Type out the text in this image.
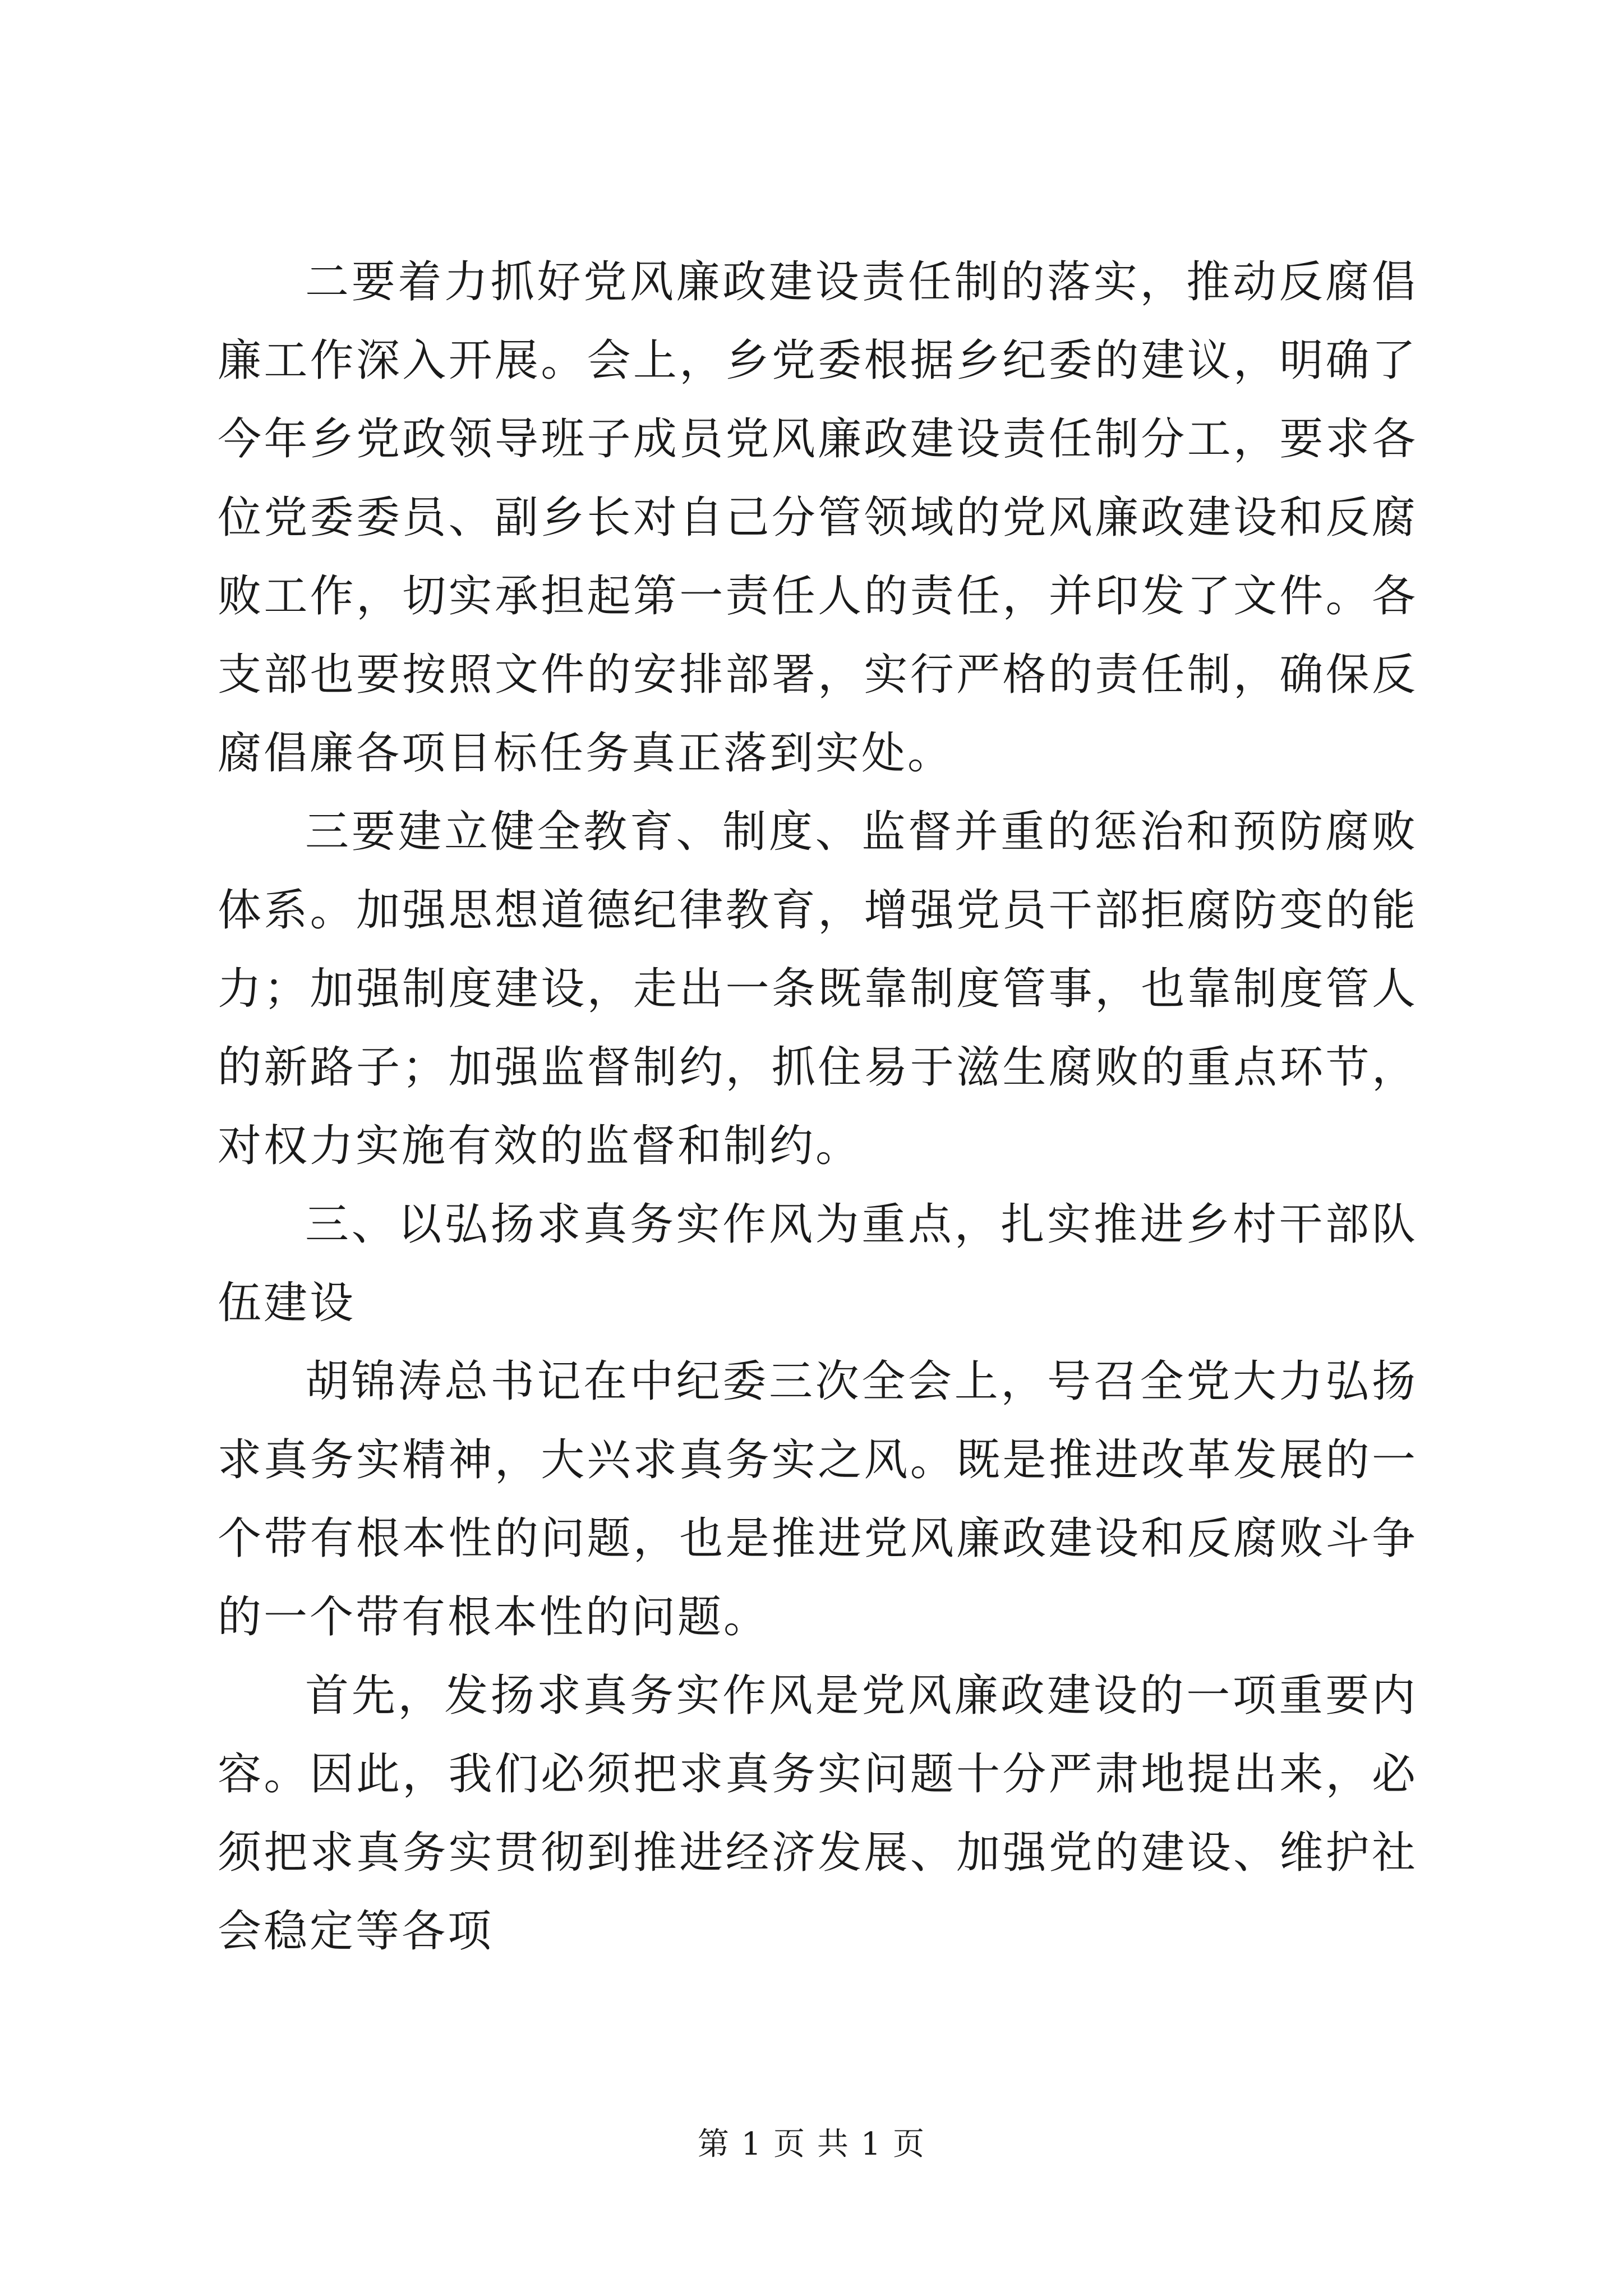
二要着力抓好党风廉政建设责任制的落实，推动反腐倡廉工作深入开展。会上，乡党委根据乡纪委的建议，明确了今年乡党政领导班子成员党风廉政建设责任制分工，要求各位党委委员、副乡长对自己分管领域的党风廉政建设和反腐败工作，切实承担起第一责任人的责任，并印发了文件。各支部也要按照文件的安排部署，实行严格的责任制，确保反腐倡廉各项目标任务真正落到实处。

三要建立健全教育、制度、监督并重的惩治和预防腐败体系。加强思想道德纪律教育，增强党员干部拒腐防变的能力；加强制度建设，走出一条既靠制度管事，也靠制度管人的新路子；加强监督制约，抓住易于滋生腐败的重点环节，对权力实施有效的监督和制约。

三、以弘扬求真务实作风为重点，扎实推进乡村干部队伍建设

胡锦涛总书记在中纪委三次全会上，号召全党大力弘扬求真务实精神，大兴求真务实之风。既是推进改革发展的一个带有根本性的问题，也是推进党风廉政建设和反腐败斗争的一个带有根本性的问题。

首先，发扬求真务实作风是党风廉政建设的一项重要内容。因此，我们必须把求真务实问题十分严肃地提出来，必须把求真务实贯彻到推进经济发展、加强党的建设、维护社会稳定等各项

第 1 页 共 1 页
